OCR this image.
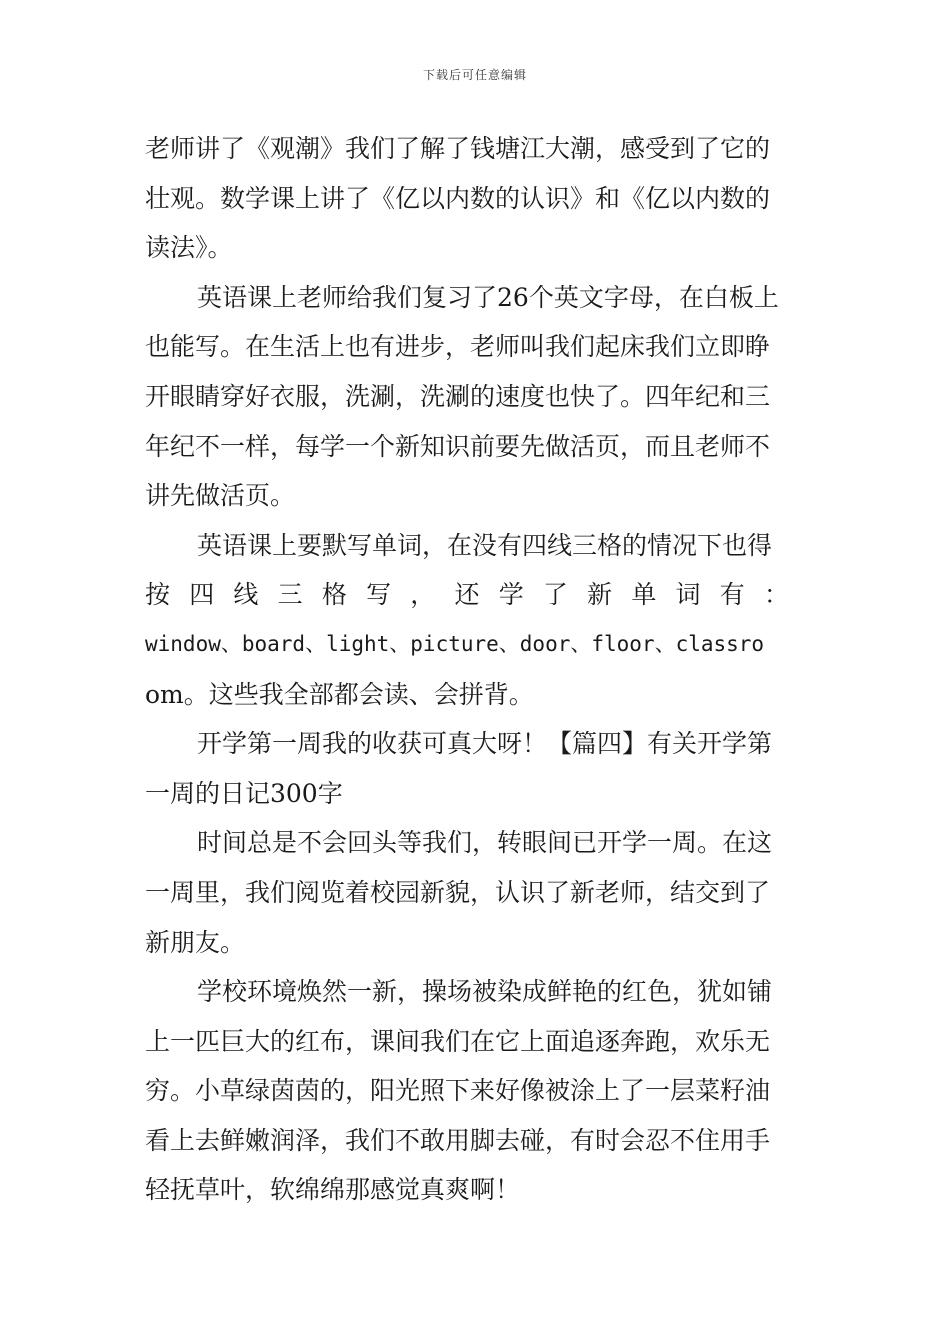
下载后可任意编辑
老师讲了《观潮》我们了解了钱塘江大潮，感受到了它的
壮观。数学课上讲了《亿以内数的认识》和《亿以内数的
读法》。
英语课上老师给我们复习了26个英文字母，在白板上
也能写。在生活上也有进步，老师叫我们起床我们立即睁
开眼睛穿好衣服，洗涮，洗涮的速度也快了。四年纪和三
年纪不一样，每学一个新知识前要先做活页，而且老师不
讲先做活页。
英语课上要默写单词，在没有四线三格的情况下也得
按四线三格写，还学了新单词有：
window、board、light、picture、door、floor、classro
om。这些我全部都会读、会拼背。
开学第一周我的收获可真大呀！【篇四】有关开学第
一周的日记300字
时间总是不会回头等我们，转眼间已开学一周。在这
一周里，我们阅览着校园新貌，认识了新老师，结交到了
新朋友。
学校环境焕然一新，操场被染成鲜艳的红色，犹如铺
上一匹巨大的红布，课间我们在它上面追逐奔跑，欢乐无
穷。小草绿茵茵的，阳光照下来好像被涂上了一层菜籽油
看上去鲜嫩润泽，我们不敢用脚去碰，有时会忍不住用手
轻抚草叶，软绵绵那感觉真爽啊！
